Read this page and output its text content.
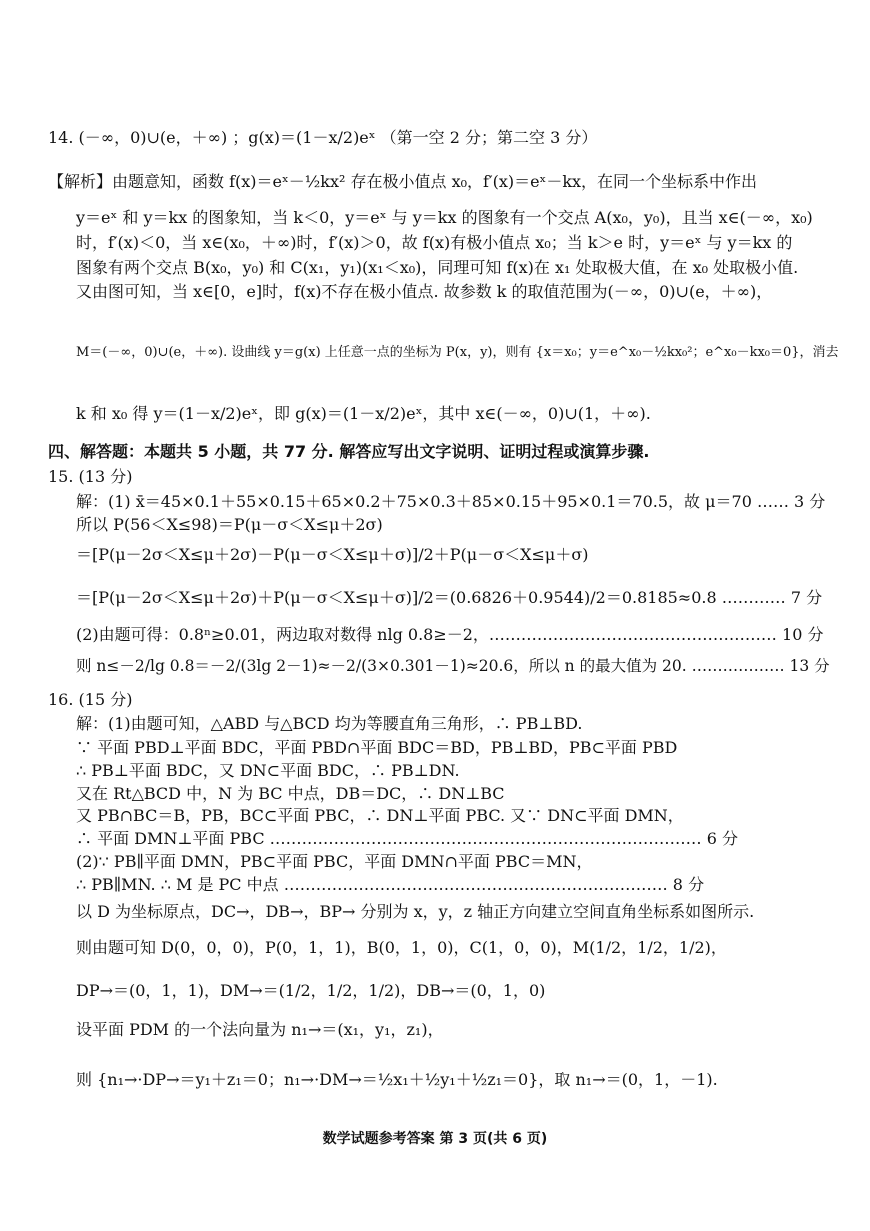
14. (－∞，0)∪(e，＋∞) ；g(x)＝(1－x/2)eˣ （第一空 2 分；第二空 3 分）
【解析】由题意知，函数 f(x)＝eˣ－½kx² 存在极小值点 x₀，f′(x)＝eˣ－kx，在同一个坐标系中作出
y＝eˣ 和 y＝kx 的图象知，当 k＜0，y＝eˣ 与 y＝kx 的图象有一个交点 A(x₀，y₀)，且当 x∈(－∞，x₀)
时，f′(x)＜0，当 x∈(x₀，＋∞)时，f′(x)＞0，故 f(x)有极小值点 x₀；当 k＞e 时，y＝eˣ 与 y＝kx 的
图象有两个交点 B(x₀，y₀) 和 C(x₁，y₁)(x₁＜x₀)，同理可知 f(x)在 x₁ 处取极大值，在 x₀ 处取极小值.
又由图可知，当 x∈[0，e]时，f(x)不存在极小值点. 故参数 k 的取值范围为(－∞，0)∪(e，＋∞)，
M＝(－∞，0)∪(e，＋∞). 设曲线 y＝g(x) 上任意一点的坐标为 P(x，y)，则有 {x＝x₀；y＝e^x₀－½kx₀²；e^x₀－kx₀＝0}，消去
k 和 x₀ 得 y＝(1－x/2)eˣ，即 g(x)＝(1－x/2)eˣ，其中 x∈(－∞，0)∪(1，＋∞).
四、解答题：本题共 5 小题，共 77 分. 解答应写出文字说明、证明过程或演算步骤.
15. (13 分)
解：(1) x̄＝45×0.1＋55×0.15＋65×0.2＋75×0.3＋85×0.15＋95×0.1＝70.5，故 μ＝70 …… 3 分
所以 P(56＜X≤98)＝P(μ－σ＜X≤μ＋2σ)
＝[P(μ－2σ＜X≤μ＋2σ)－P(μ－σ＜X≤μ＋σ)]/2＋P(μ－σ＜X≤μ＋σ)
＝[P(μ－2σ＜X≤μ＋2σ)＋P(μ－σ＜X≤μ＋σ)]/2＝(0.6826＋0.9544)/2＝0.8185≈0.8 ………… 7 分
(2)由题可得：0.8ⁿ≥0.01，两边取对数得 nlg 0.8≥－2，……………………………………………… 10 分
则 n≤－2/lg 0.8＝－2/(3lg 2－1)≈－2/(3×0.301－1)≈20.6，所以 n 的最大值为 20. ……………… 13 分
16. (15 分)
解：(1)由题可知，△ABD 与△BCD 均为等腰直角三角形，∴ PB⊥BD.
∵ 平面 PBD⊥平面 BDC，平面 PBD∩平面 BDC＝BD，PB⊥BD，PB⊂平面 PBD
∴ PB⊥平面 BDC，又 DN⊂平面 BDC，∴ PB⊥DN.
又在 Rt△BCD 中，N 为 BC 中点，DB＝DC，∴ DN⊥BC
又 PB∩BC＝B，PB，BC⊂平面 PBC，∴ DN⊥平面 PBC. 又∵ DN⊂平面 DMN，
∴ 平面 DMN⊥平面 PBC ……………………………………………………………………… 6 分
(2)∵ PB∥平面 DMN，PB⊂平面 PBC，平面 DMN∩平面 PBC＝MN，
∴ PB∥MN. ∴ M 是 PC 中点 ……………………………………………………………… 8 分
以 D 为坐标原点，DC→，DB→，BP→ 分别为 x，y，z 轴正方向建立空间直角坐标系如图所示.
则由题可知 D(0，0，0)，P(0，1，1)，B(0，1，0)，C(1，0，0)，M(1/2，1/2，1/2)，
DP→＝(0，1，1)，DM→＝(1/2，1/2，1/2)，DB→＝(0，1，0)
设平面 PDM 的一个法向量为 n₁→＝(x₁，y₁，z₁)，
则 {n₁→·DP→＝y₁＋z₁＝0；n₁→·DM→＝½x₁＋½y₁＋½z₁＝0}，取 n₁→＝(0，1，－1).
数学试题参考答案 第 3 页(共 6 页)
